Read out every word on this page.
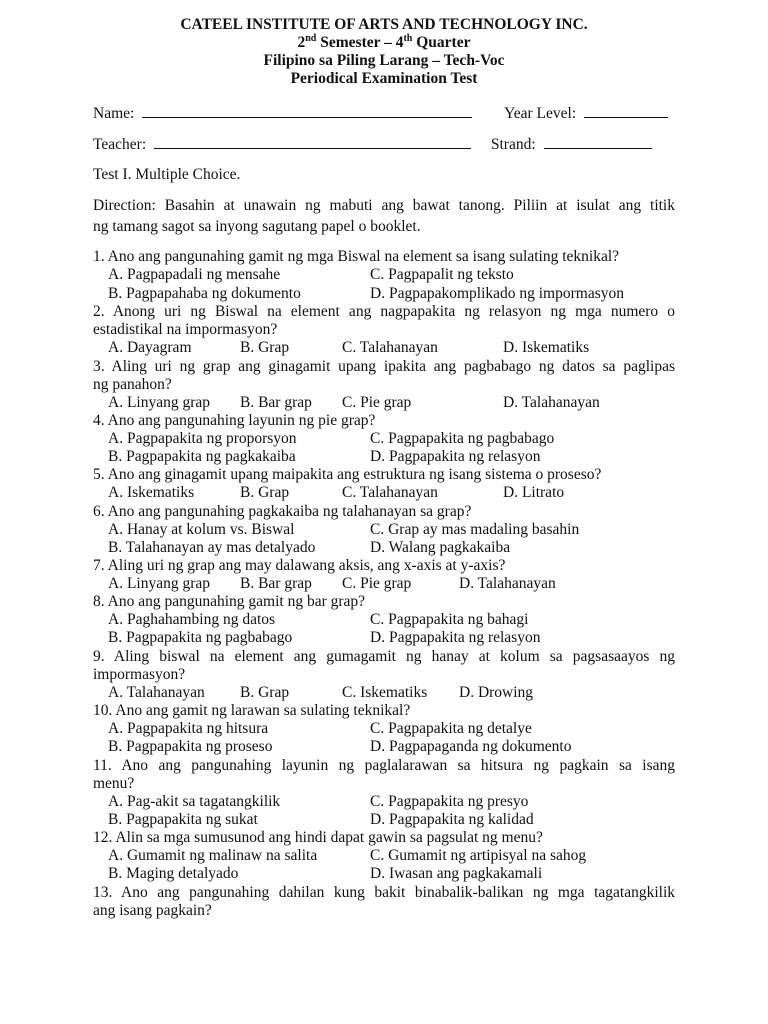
CATEEL INSTITUTE OF ARTS AND TECHNOLOGY INC.
2nd Semester – 4th Quarter
Filipino sa Piling Larang – Tech-Voc
Periodical Examination Test
Name:	Year Level:
Teacher:	Strand:
Test I. Multiple Choice.
Direction: Basahin at unawain ng mabuti ang bawat tanong. Piliin at isulat ang titik
ng tamang sagot sa inyong sagutang papel o booklet.
1. Ano ang pangunahing gamit ng mga Biswal na element sa isang sulating teknikal?
A. Pagpapadali ng mensahe	C. Pagpapalit ng teksto
B. Pagpapahaba ng dokumento	D. Pagpapakomplikado ng impormasyon
2. Anong uri ng Biswal na element ang nagpapakita ng relasyon ng mga numero o
estadistikal na impormasyon?
A. Dayagram	B. Grap	C. Talahanayan	D. Iskematiks
3. Aling uri ng grap ang ginagamit upang ipakita ang pagbabago ng datos sa paglipas
ng panahon?
A. Linyang grap B. Bar grap C. Pie grap	D. Talahanayan
4. Ano ang pangunahing layunin ng pie grap?
A. Pagpapakita ng proporsyon	C. Pagpapakita ng pagbabago
B. Pagpapakita ng pagkakaiba	D. Pagpapakita ng relasyon
5. Ano ang ginagamit upang maipakita ang estruktura ng isang sistema o proseso?
A. Iskematiks	B. Grap	C. Talahanayan	D. Litrato
6. Ano ang pangunahing pagkakaiba ng talahanayan sa grap?
A. Hanay at kolum vs. Biswal	C. Grap ay mas madaling basahin
B. Talahanayan ay mas detalyado	D. Walang pagkakaiba
7. Aling uri ng grap ang may dalawang aksis, ang x-axis at y-axis?
A. Linyang grap B. Bar grap C. Pie grap	D. Talahanayan
8. Ano ang pangunahing gamit ng bar grap?
A. Paghahambing ng datos	C. Pagpapakita ng bahagi
B. Pagpapakita ng pagbabago	D. Pagpapakita ng relasyon
9. Aling biswal na element ang gumagamit ng hanay at kolum sa pagsasaayos ng
impormasyon?
A. Talahanayan B. Grap	C. Iskematiks D. Drowing
10. Ano ang gamit ng larawan sa sulating teknikal?
A. Pagpapakita ng hitsura	C. Pagpapakita ng detalye
B. Pagpapakita ng proseso	D. Pagpapaganda ng dokumento
11. Ano ang pangunahing layunin ng paglalarawan sa hitsura ng pagkain sa isang
menu?
A. Pag-akit sa tagatangkilik	C. Pagpapakita ng presyo
B. Pagpapakita ng sukat	D. Pagpapakita ng kalidad
12. Alin sa mga sumusunod ang hindi dapat gawin sa pagsulat ng menu?
A. Gumamit ng malinaw na salita	C. Gumamit ng artipisyal na sahog
B. Maging detalyado	D. Iwasan ang pagkakamali
13. Ano ang pangunahing dahilan kung bakit binabalik-balikan ng mga tagatangkilik
ang isang pagkain?
